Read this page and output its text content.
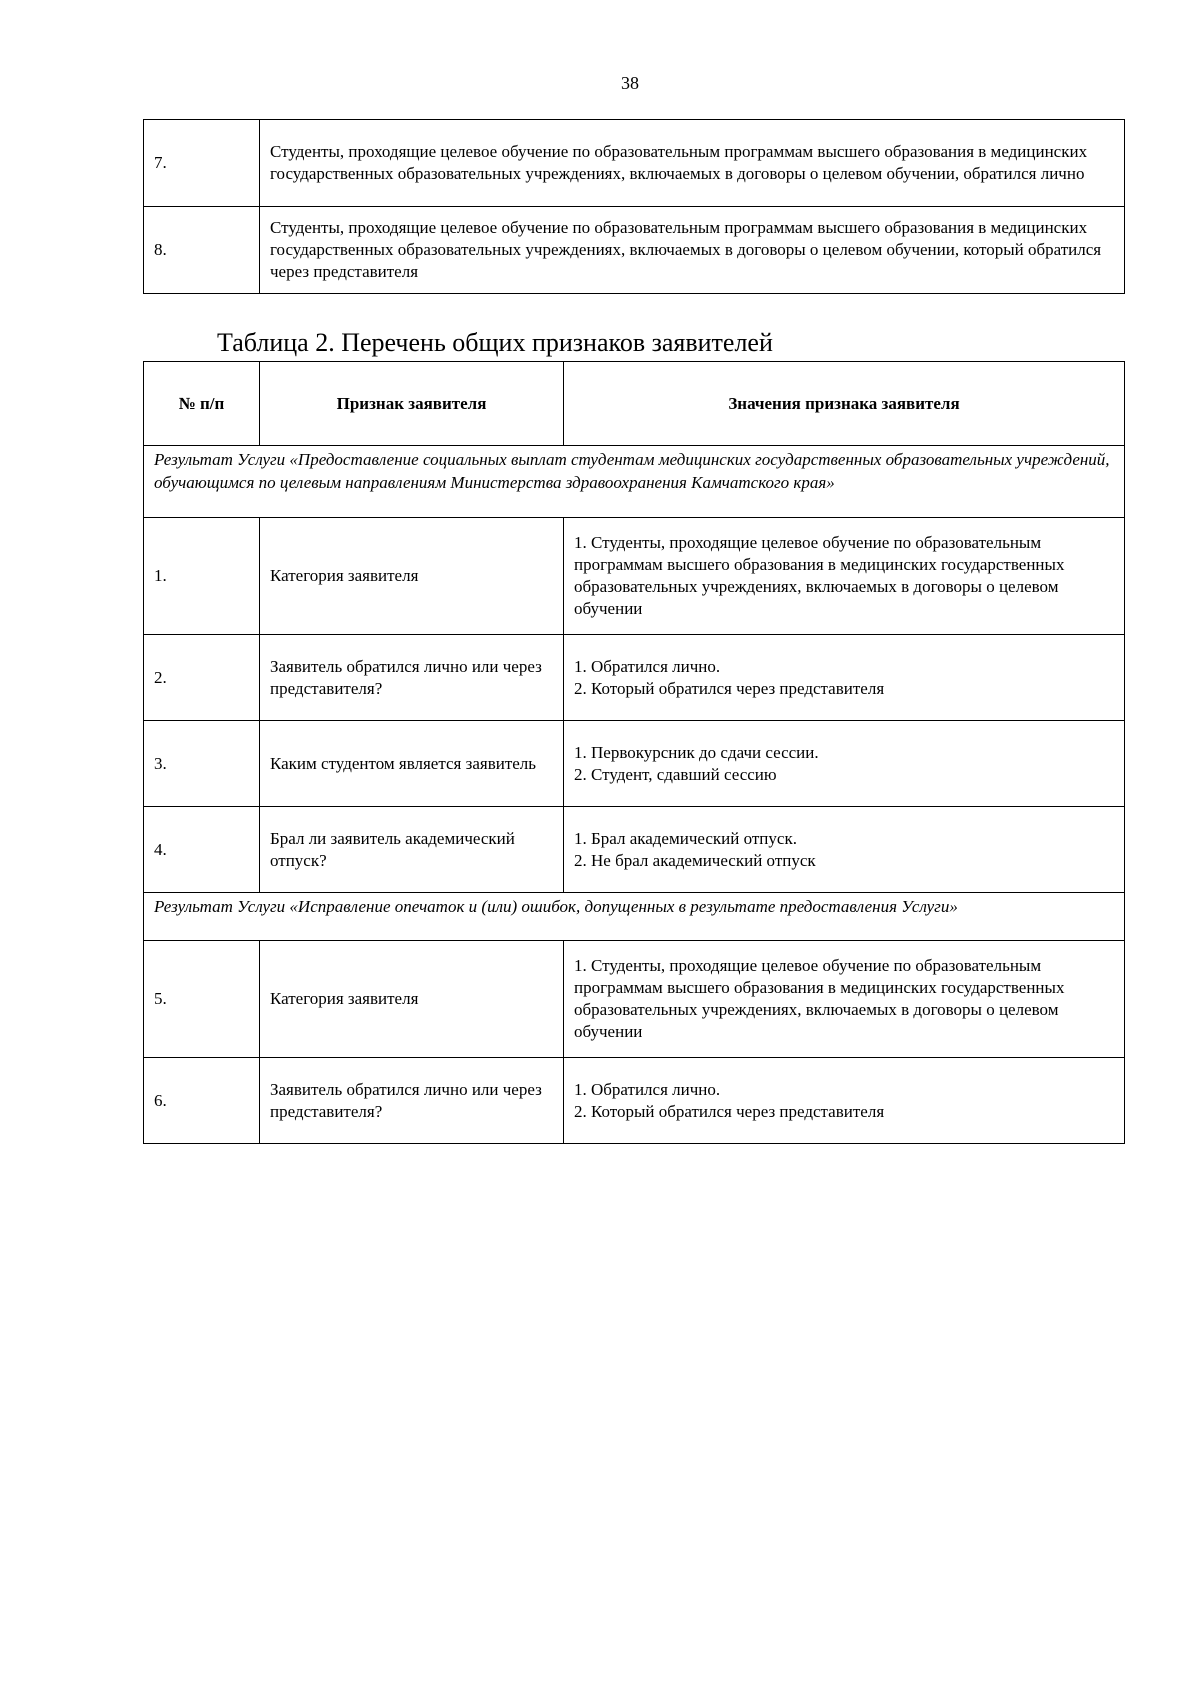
38
7.	Студенты, проходящие целевое обучение по образовательным программам высшего образования в медицинских государственных образовательных учреждениях, включаемых в договоры о целевом обучении, обратился лично
8.	Студенты, проходящие целевое обучение по образовательным программам высшего образования в медицинских государственных образовательных учреждениях, включаемых в договоры о целевом обучении, который обратился через представителя
Таблица 2. Перечень общих признаков заявителей
№ п/п	Признак заявителя	Значения признака заявителя
Результат Услуги «Предоставление социальных выплат студентам медицинских государственных образовательных учреждений, обучающимся по целевым направлениям Министерства здравоохранения Камчатского края»		
1.	Категория заявителя	1. Студенты, проходящие целевое обучение по образовательным программам высшего образования в медицинских государственных образовательных учреждениях, включаемых в договоры о целевом обучении

2.	Заявитель обратился лично или через представителя?	1. Обратился лично.
2. Который обратился через представителя

3.	Каким студентом является заявитель	1. Первокурсник до сдачи сессии.
2. Студент, сдавший сессию

4.	Брал ли заявитель академический отпуск?	1. Брал академический отпуск.
2. Не брал академический отпуск

Результат Услуги «Исправление опечаток и (или) ошибок, допущенных в результате предоставления Услуги»		
5.	Категория заявителя	1. Студенты, проходящие целевое обучение по образовательным программам высшего образования в медицинских государственных образовательных учреждениях, включаемых в договоры о целевом обучении

6.	Заявитель обратился лично или через представителя?	1. Обратился лично.
2. Который обратился через представителя
